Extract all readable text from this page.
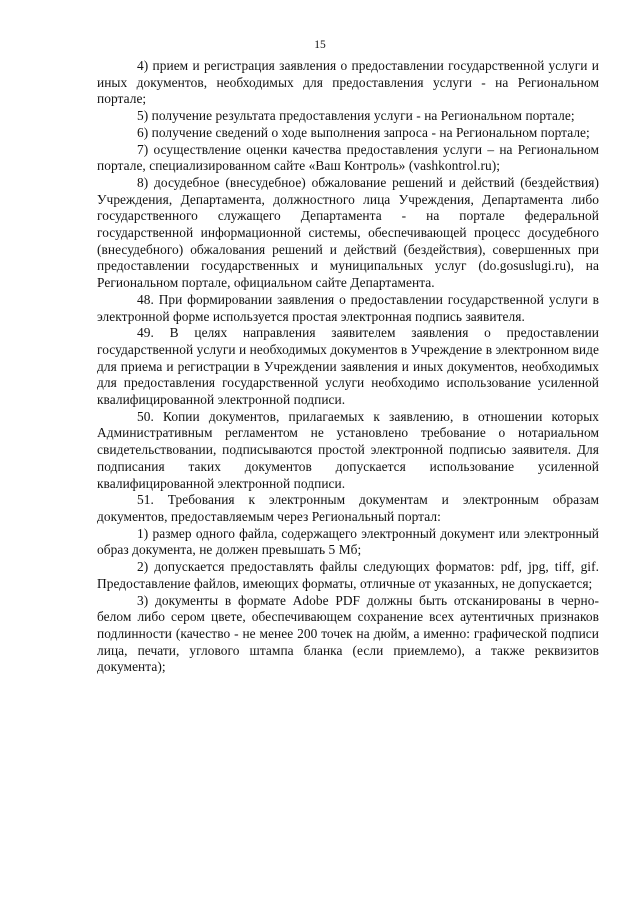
15

4) прием и регистрация заявления о предоставлении государственной услуги и иных документов, необходимых для предоставления услуги - на Региональном портале;

5) получение результата предоставления услуги - на Региональном портале;

6) получение сведений о ходе выполнения запроса - на Региональном портале;

7) осуществление оценки качества предоставления услуги – на Региональном портале, специализированном сайте «Ваш Контроль» (vashkontrol.ru);

8) досудебное (внесудебное) обжалование решений и действий (бездействия) Учреждения, Департамента, должностного лица Учреждения, Департамента либо государственного служащего Департамента - на портале федеральной государственной информационной системы, обеспечивающей процесс досудебного (внесудебного) обжалования решений и действий (бездействия), совершенных при предоставлении государственных и муниципальных услуг (do.gosuslugi.ru), на Региональном портале, официальном сайте Департамента.

48. При формировании заявления о предоставлении государственной услуги в электронной форме используется простая электронная подпись заявителя.

49. В целях направления заявителем заявления о предоставлении государственной услуги и необходимых документов в Учреждение в электронном виде для приема и регистрации в Учреждении заявления и иных документов, необходимых для предоставления государственной услуги необходимо использование усиленной квалифицированной электронной подписи.

50. Копии документов, прилагаемых к заявлению, в отношении которых Административным регламентом не установлено требование о нотариальном свидетельствовании, подписываются простой электронной подписью заявителя. Для подписания таких документов допускается использование усиленной квалифицированной электронной подписи.

51. Требования к электронным документам и электронным образам документов, предоставляемым через Региональный портал:

1) размер одного файла, содержащего электронный документ или электронный образ документа, не должен превышать 5 Мб;

2) допускается предоставлять файлы следующих форматов: pdf, jpg, tiff, gif. Предоставление файлов, имеющих форматы, отличные от указанных, не допускается;

3) документы в формате Adobe PDF должны быть отсканированы в черно-белом либо сером цвете, обеспечивающем сохранение всех аутентичных признаков подлинности (качество - не менее 200 точек на дюйм, а именно: графической подписи лица, печати, углового штампа бланка (если приемлемо), а также реквизитов документа);
